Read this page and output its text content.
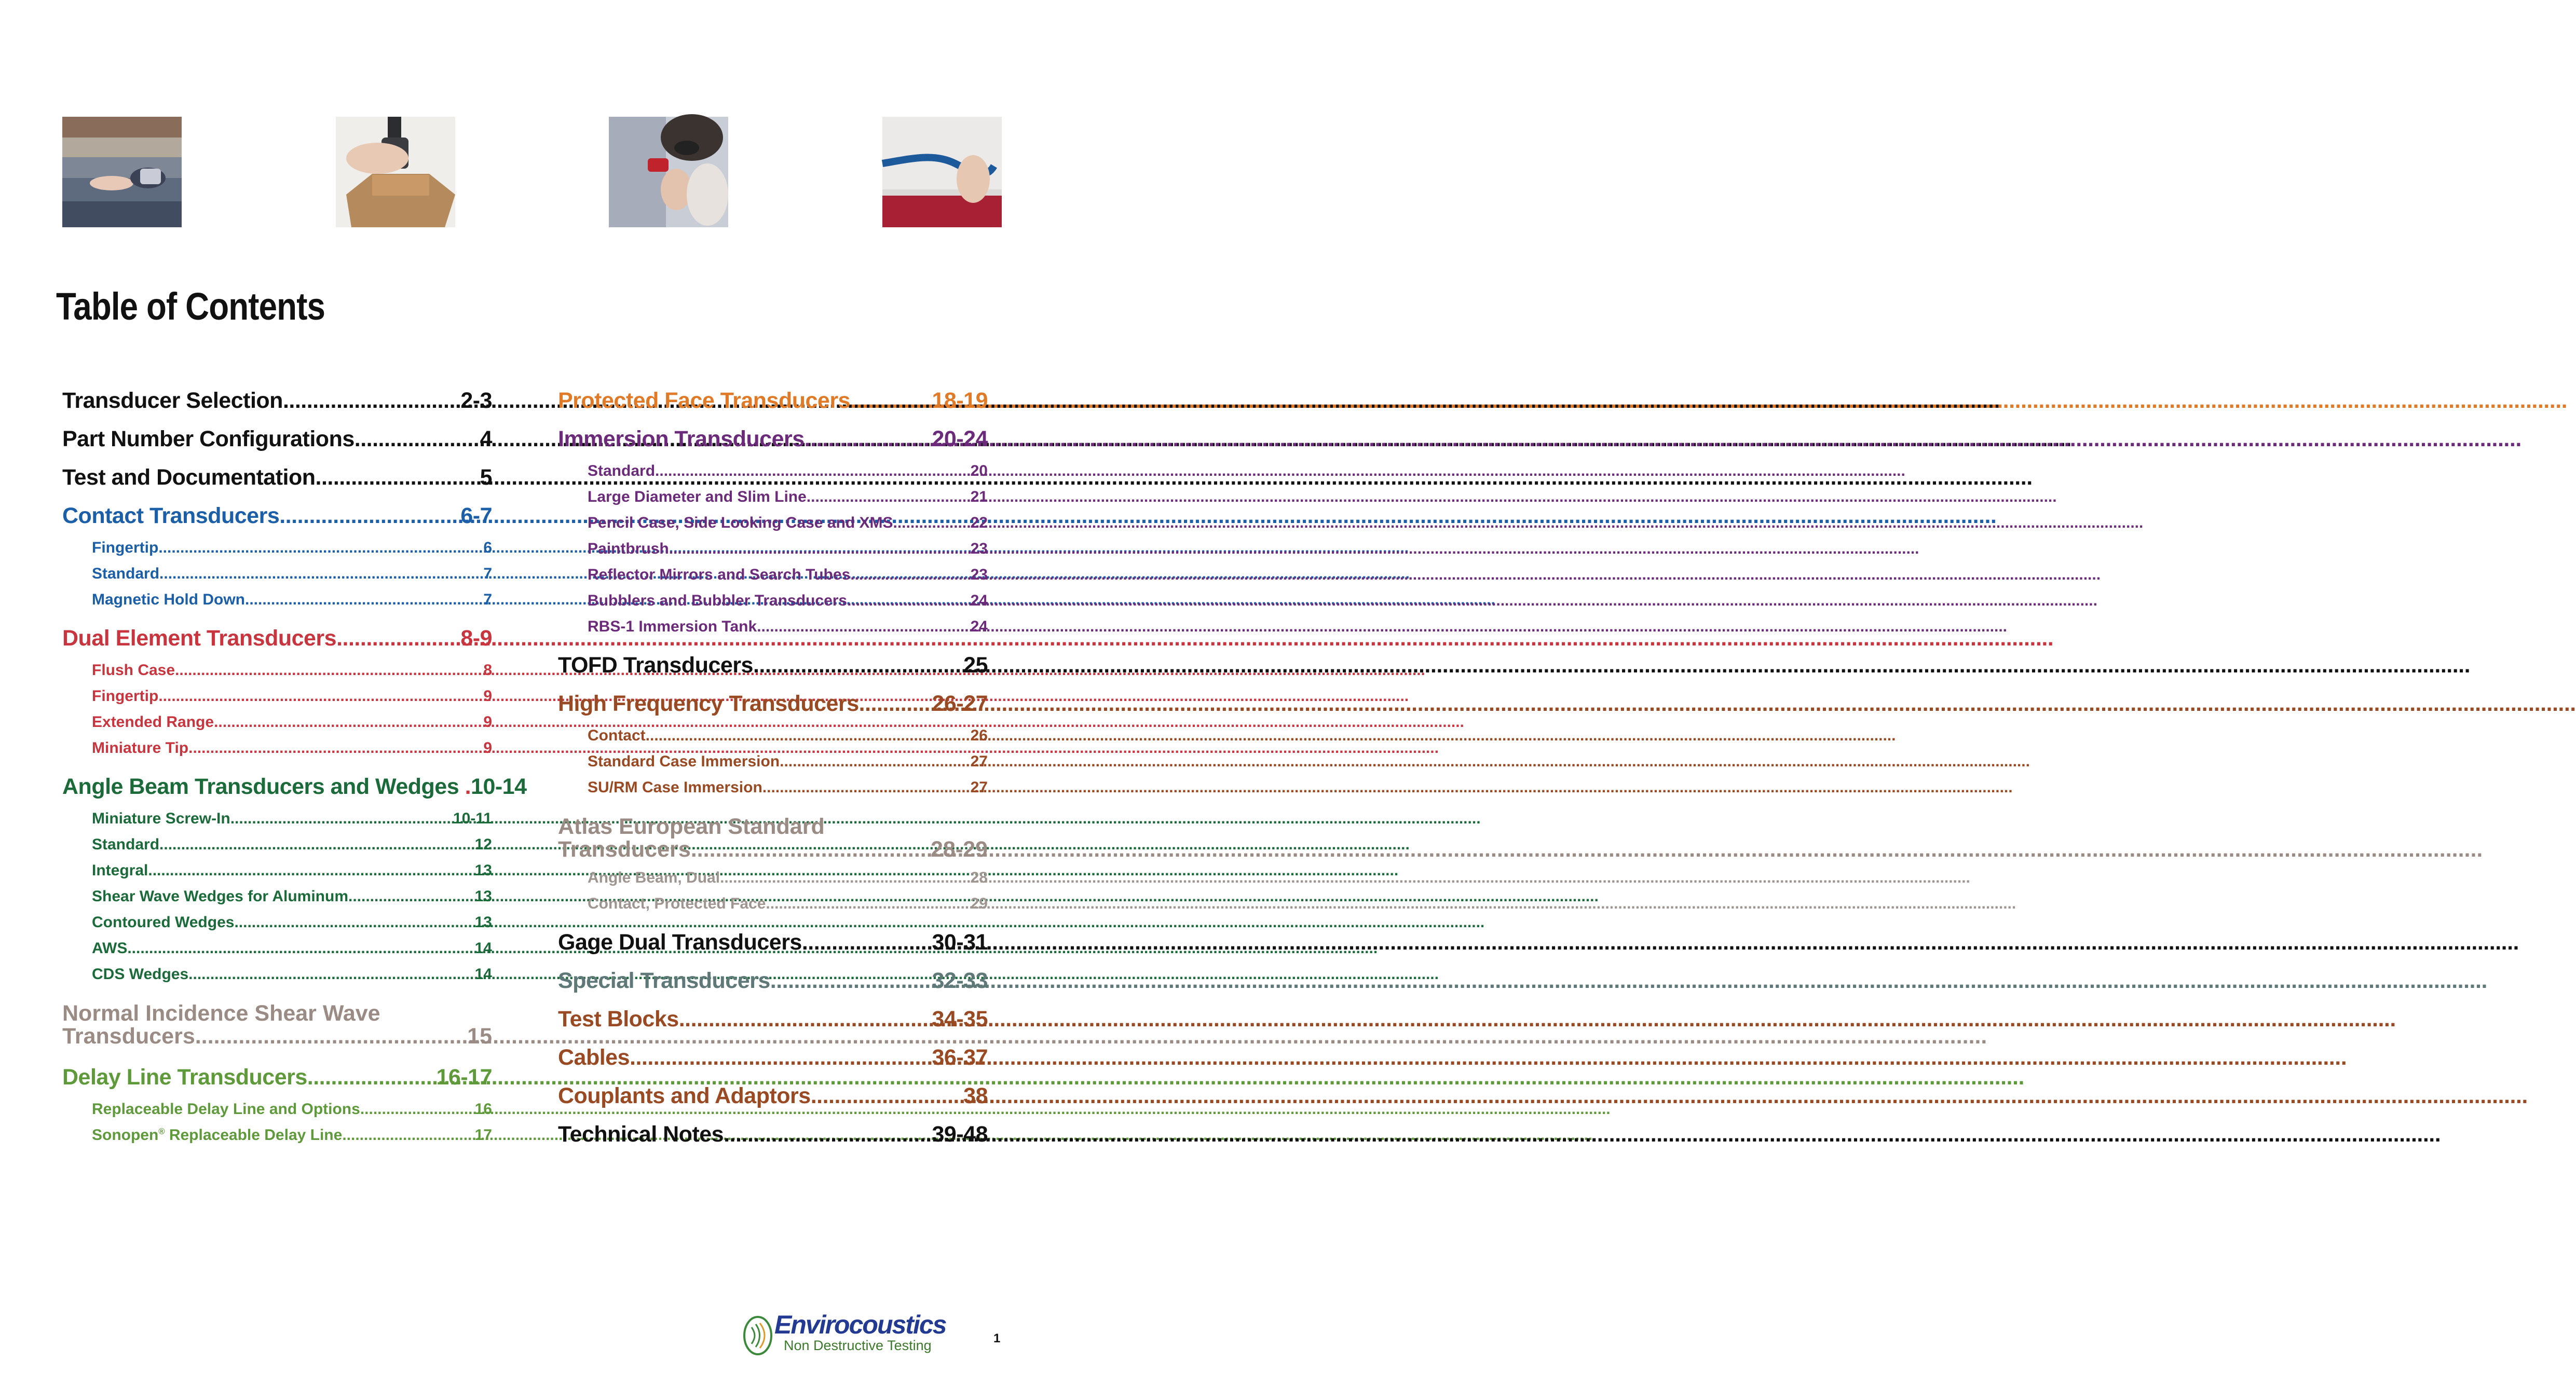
Table of Contents
Transducer Selection .....	2-3
Part Number Configurations .....	4
Test and Documentation .....	5
Contact Transducers .....	6-7
Fingertip .....	6
Standard .....	7
Magnetic Hold Down .....	7
Dual Element Transducers .....	8-9
Flush Case .....	8
Fingertip .....	9
Extended Range .....	9
Miniature Tip .....	9
Angle Beam Transducers and Wedges .10-14
Miniature Screw-In .....	10-11
Standard .....	12
Integral .....	13
Shear Wave Wedges for Aluminum .....	13
Contoured Wedges .....	13
AWS .....	14
CDS Wedges .....	14
Normal Incidence Shear Wave
Transducers .....	15
Delay Line Transducers .....	16-17
Replaceable Delay Line and Options .....	16
Sonopen® Replaceable Delay Line .....	17
Protected Face Transducers .....	18-19
Immersion Transducers .....	20-24
Standard .....	20
Large Diameter and Slim Line .....	21
Pencil Case, Side Looking Case and XMS .....	22
Paintbrush .....	23
Reflector Mirrors and Search Tubes .....	23
Bubblers and Bubbler Transducers .....	24
RBS-1 Immersion Tank .....	24
TOFD Transducers .....	25
High Frequency Transducers .....	26-27
Contact .....	26
Standard Case Immersion .....	27
SU/RM Case Immersion .....	27
Atlas European Standard
Transducers .....	28-29
Angle Beam, Dual .....	28
Contact, Protected Face .....	29
Gage Dual Transducers .....	30-31
Special Transducers .....	32-33
Test Blocks .....	34-35
Cables .....	36-37
Couplants and Adaptors .....	38
Technical Notes .....	39-48
Envirocoustics
Non Destructive Testing	1
